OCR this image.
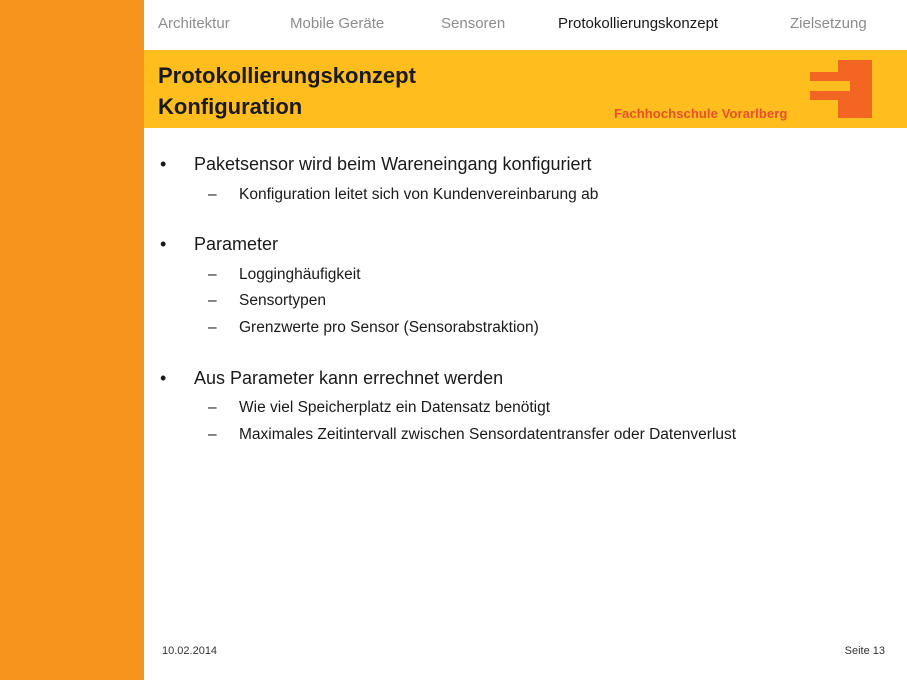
Architektur	Mobile Geräte	Sensoren	Protokollierungskonzept	Zielsetzung
Protokollierungskonzept
Konfiguration	Fachhochschule Vorarlberg
• Paketsensor wird beim Wareneingang konfiguriert
– Konfiguration leitet sich von Kundenvereinbarung ab
• Parameter
– Logginghäufigkeit
– Sensortypen
– Grenzwerte pro Sensor (Sensorabstraktion)
• Aus Parameter kann errechnet werden
– Wie viel Speicherplatz ein Datensatz benötigt
– Maximales Zeitintervall zwischen Sensordatentransfer oder Datenverlust
10.02.2014	Seite 13
